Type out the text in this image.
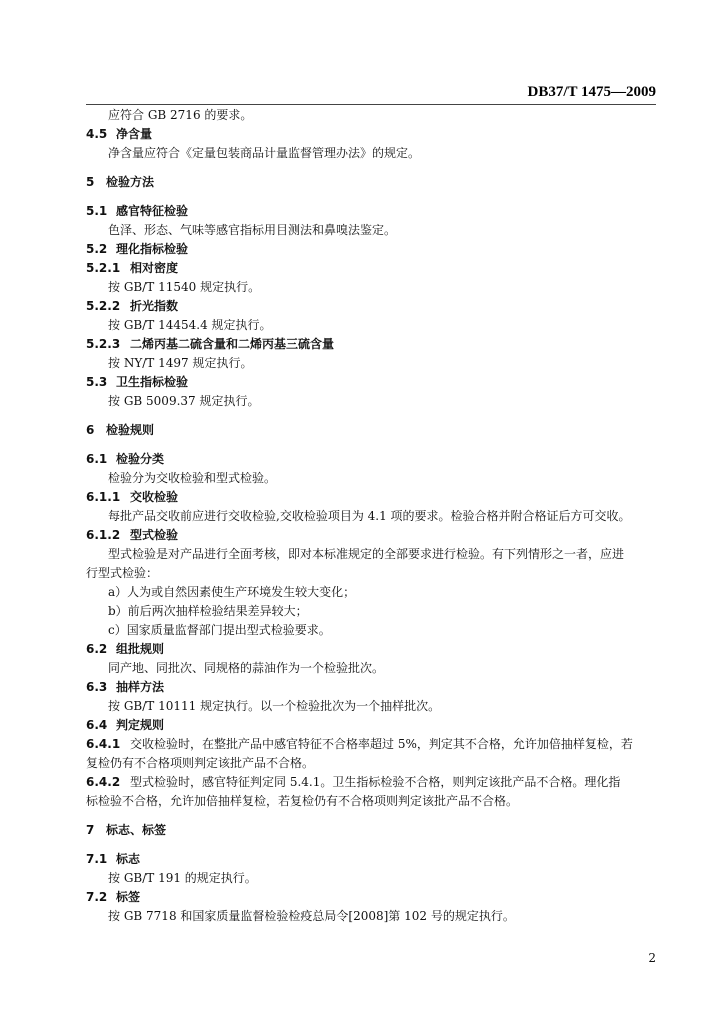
DB37/T 1475—2009
应符合 GB 2716 的要求。
4.5 净含量
净含量应符合《定量包装商品计量监督管理办法》的规定。
5 检验方法
5.1 感官特征检验
色泽、形态、气味等感官指标用目测法和鼻嗅法鉴定。
5.2 理化指标检验
5.2.1 相对密度
按 GB/T 11540 规定执行。
5.2.2 折光指数
按 GB/T 14454.4 规定执行。
5.2.3 二烯丙基二硫含量和二烯丙基三硫含量
按 NY/T 1497 规定执行。
5.3 卫生指标检验
按 GB 5009.37 规定执行。
6 检验规则
6.1 检验分类
检验分为交收检验和型式检验。
6.1.1 交收检验
每批产品交收前应进行交收检验,交收检验项目为 4.1 项的要求。检验合格并附合格证后方可交收。
6.1.2 型式检验
型式检验是对产品进行全面考核，即对本标准规定的全部要求进行检验。有下列情形之一者，应进
行型式检验：
a）人为或自然因素使生产环境发生较大变化；
b）前后两次抽样检验结果差异较大；
c）国家质量监督部门提出型式检验要求。
6.2 组批规则
同产地、同批次、同规格的蒜油作为一个检验批次。
6.3 抽样方法
按 GB/T 10111 规定执行。以一个检验批次为一个抽样批次。
6.4 判定规则
6.4.1 交收检验时，在整批产品中感官特征不合格率超过 5%，判定其不合格，允许加倍抽样复检，若
复检仍有不合格项则判定该批产品不合格。
6.4.2 型式检验时，感官特征判定同 5.4.1。卫生指标检验不合格，则判定该批产品不合格。理化指
标检验不合格，允许加倍抽样复检，若复检仍有不合格项则判定该批产品不合格。
7 标志、标签
7.1 标志
按 GB/T 191 的规定执行。
7.2 标签
按 GB 7718 和国家质量监督检验检疫总局令[2008]第 102 号的规定执行。
2
